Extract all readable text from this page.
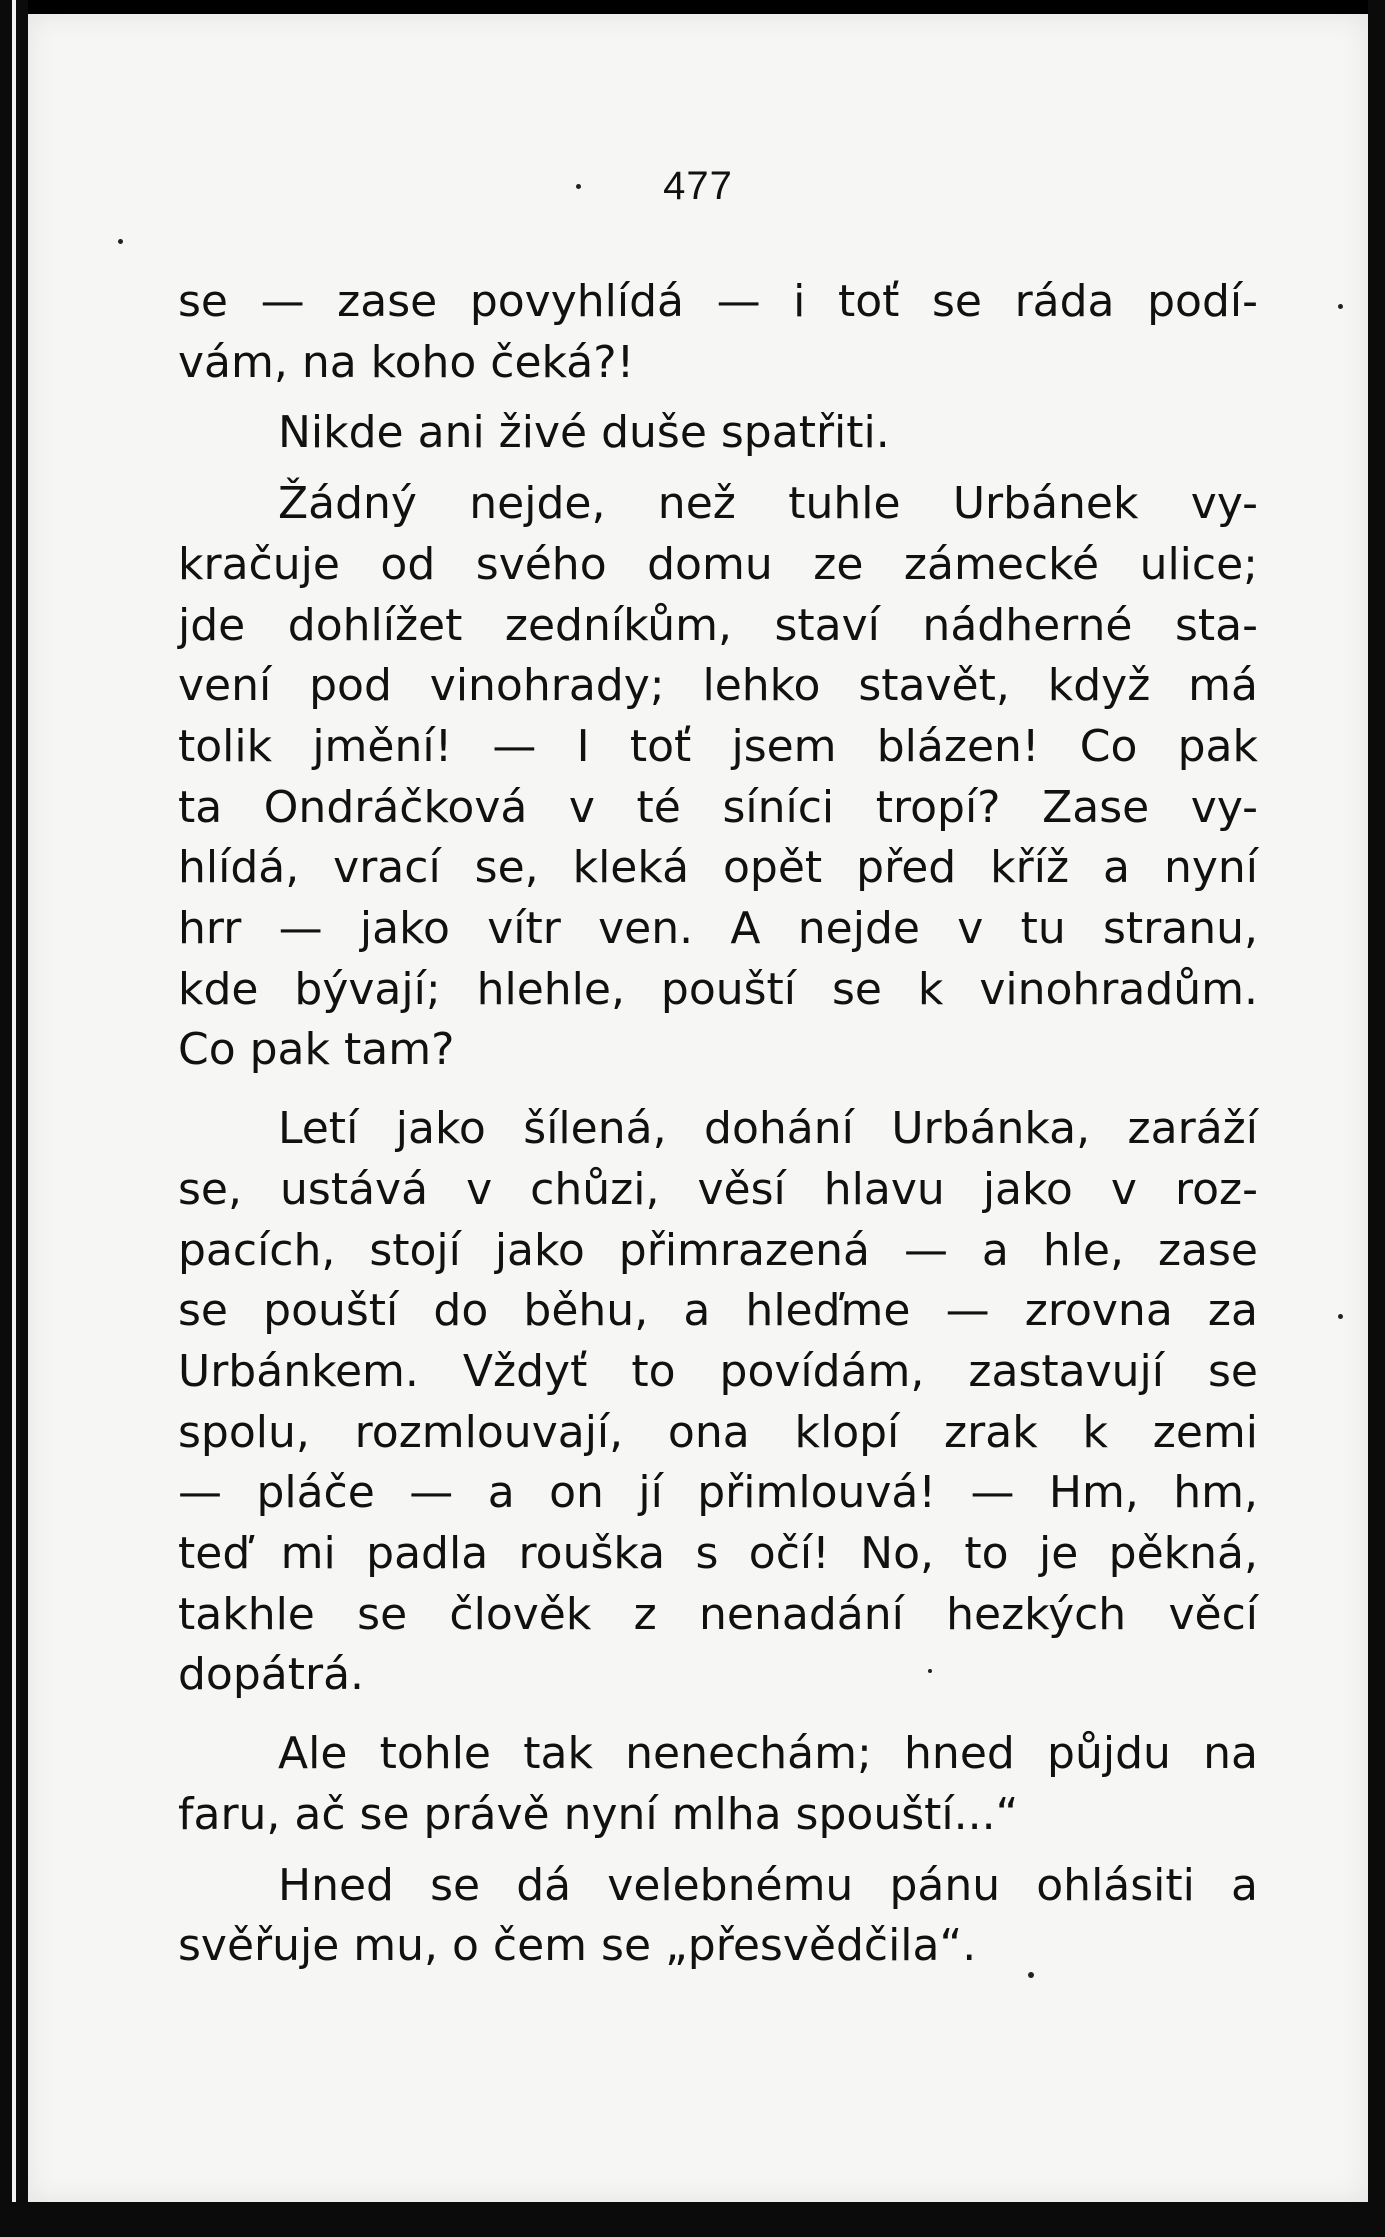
477
se — zase povyhlídá — i toť se ráda podí-
vám, na koho čeká?!
Nikde ani živé duše spatřiti.
Žádný nejde, než tuhle Urbánek vy-
kračuje od svého domu ze zámecké ulice;
jde dohlížet zedníkům, staví nádherné sta-
vení pod vinohrady; lehko stavět, když má
tolik jmění! — I toť jsem blázen! Co pak
ta Ondráčková v té síníci tropí? Zase vy-
hlídá, vrací se, kleká opět před kříž a nyní
hrr — jako vítr ven. A nejde v tu stranu,
kde bývají; hlehle, pouští se k vinohradům.
Co pak tam?
Letí jako šílená, dohání Urbánka, zaráží
se, ustává v chůzi, věsí hlavu jako v roz-
pacích, stojí jako přimrazená — a hle, zase
se pouští do běhu, a hleďme — zrovna za
Urbánkem. Vždyť to povídám, zastavují se
spolu, rozmlouvají, ona klopí zrak k zemi
— pláče — a on jí přimlouvá! — Hm, hm,
teď mi padla rouška s očí! No, to je pěkná,
takhle se člověk z nenadání hezkých věcí
dopátrá.
Ale tohle tak nenechám; hned půjdu na
faru, ač se právě nyní mlha spouští...“
Hned se dá velebnému pánu ohlásiti a
svěřuje mu, o čem se „přesvědčila“.
